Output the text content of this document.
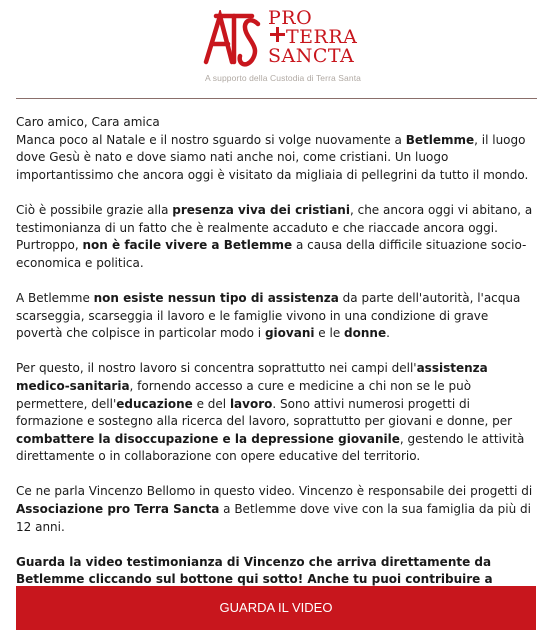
PRO
TERRA
SANCTA
A supporto della Custodia di Terra Santa

Caro amico, Cara amica

Manca poco al Natale e il nostro sguardo si volge nuovamente a Betlemme, il luogo dove Gesù è nato e dove siamo nati anche noi, come cristiani. Un luogo importantissimo che ancora oggi è visitato da migliaia di pellegrini da tutto il mondo.

Ciò è possibile grazie alla presenza viva dei cristiani, che ancora oggi vi abitano, a testimonianza di un fatto che è realmente accaduto e che riaccade ancora oggi. Purtroppo, non è facile vivere a Betlemme a causa della difficile situazione socio-economica e politica.

A Betlemme non esiste nessun tipo di assistenza da parte dell'autorità, l'acqua scarseggia, scarseggia il lavoro e le famiglie vivono in una condizione di grave povertà che colpisce in particolar modo i giovani e le donne.

Per questo, il nostro lavoro si concentra soprattutto nei campi dell'assistenza medico-sanitaria, fornendo accesso a cure e medicine a chi non se le può permettere, dell'educazione e del lavoro. Sono attivi numerosi progetti di formazione e sostegno alla ricerca del lavoro, soprattutto per giovani e donne, per combattere la disoccupazione e la depressione giovanile, gestendo le attività direttamente o in collaborazione con opere educative del territorio.

Ce ne parla Vincenzo Bellomo in questo video. Vincenzo è responsabile dei progetti di Associazione pro Terra Sancta a Betlemme dove vive con la sua famiglia da più di 12 anni.

Guarda la video testimonianza di Vincenzo che arriva direttamente da Betlemme cliccando sul bottone qui sotto! Anche tu puoi contribuire a

GUARDA IL VIDEO
